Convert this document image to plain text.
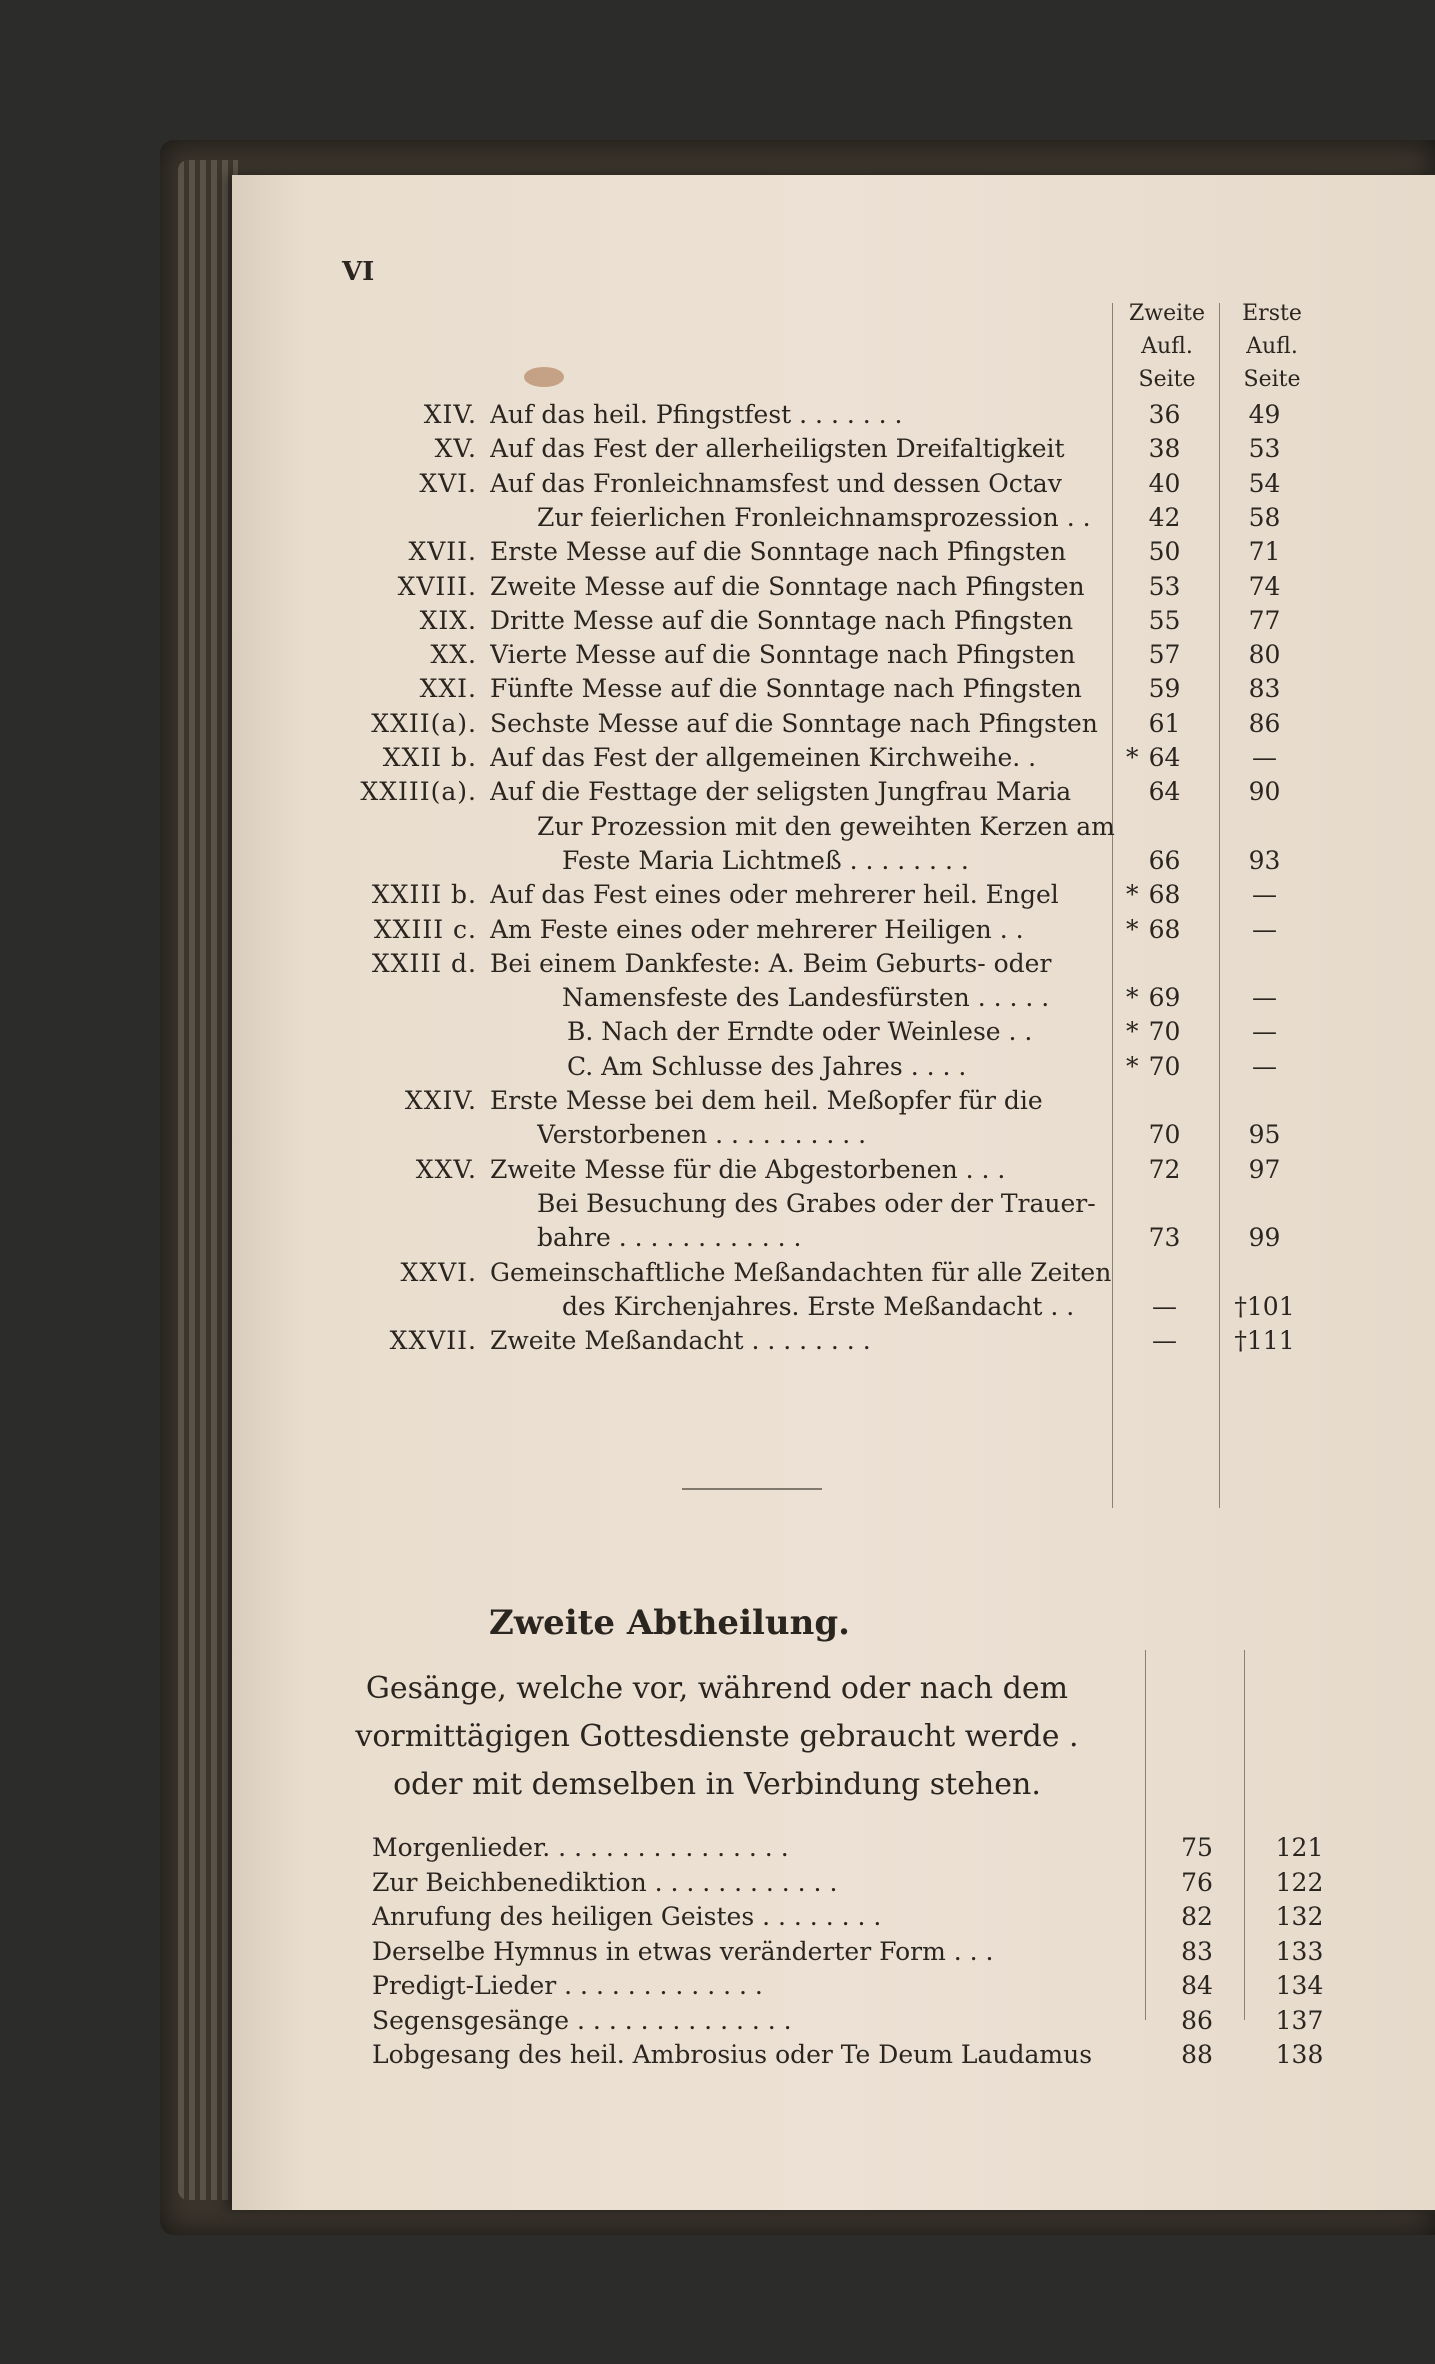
VI
Zweite
Aufl.
Seite
Erste
Aufl.
Seite
XIV. Auf das heil. Pfingstfest . . . . . . .	36	49
XV. Auf das Fest der allerheiligsten Dreifaltigkeit	38	53
XVI. Auf das Fronleichnamsfest und dessen Octav	40	54
Zur feierlichen Fronleichnamsprozession . .	42	58
XVII. Erste Messe auf die Sonntage nach Pfingsten	50	71
XVIII. Zweite Messe auf die Sonntage nach Pfingsten	53	74
XIX. Dritte Messe auf die Sonntage nach Pfingsten	55	77
XX. Vierte Messe auf die Sonntage nach Pfingsten	57	80
XXI. Fünfte Messe auf die Sonntage nach Pfingsten	59	83
XXII(a). Sechste Messe auf die Sonntage nach Pfingsten	61	86
XXII b. Auf das Fest der allgemeinen Kirchweihe. .	* 64	—
XXIII(a). Auf die Festtage der seligsten Jungfrau Maria	64	90
Zur Prozession mit den geweihten Kerzen am
Feste Maria Lichtmeß . . . . . . . .	66	93
XXIII b. Auf das Fest eines oder mehrerer heil. Engel	* 68	—
XXIII c. Am Feste eines oder mehrerer Heiligen . .	* 68	—
XXIII d. Bei einem Dankfeste: A. Beim Geburts- oder
Namensfeste des Landesfürsten . . . . .	* 69	—
B. Nach der Erndte oder Weinlese . .	* 70	—
C. Am Schlusse des Jahres . . . .	* 70	—
XXIV. Erste Messe bei dem heil. Meßopfer für die
Verstorbenen . . . . . . . . . .	70	95
XXV. Zweite Messe für die Abgestorbenen . . .	72	97
Bei Besuchung des Grabes oder der Trauer-
bahre . . . . . . . . . . . .	73	99
XXVI. Gemeinschaftliche Meßandachten für alle Zeiten
des Kirchenjahres. Erste Meßandacht . .	—	†101
XXVII. Zweite Meßandacht . . . . . . . .	—	†111
Zweite Abtheilung.
Gesänge, welche vor, während oder nach dem vormittägigen Gottesdienste gebraucht werde . oder mit demselben in Verbindung stehen.
Morgenlieder. . . . . . . . . . . . . . . .	75	121
Zur Beichbenediktion . . . . . . . . . . . .	76	122
Anrufung des heiligen Geistes . . . . . . . .	82	132
Derselbe Hymnus in etwas veränderter Form . . .	83	133
Predigt-Lieder . . . . . . . . . . . . .	84	134
Segensgesänge . . . . . . . . . . . . . .	86	137
Lobgesang des heil. Ambrosius oder Te Deum Laudamus	88	138
